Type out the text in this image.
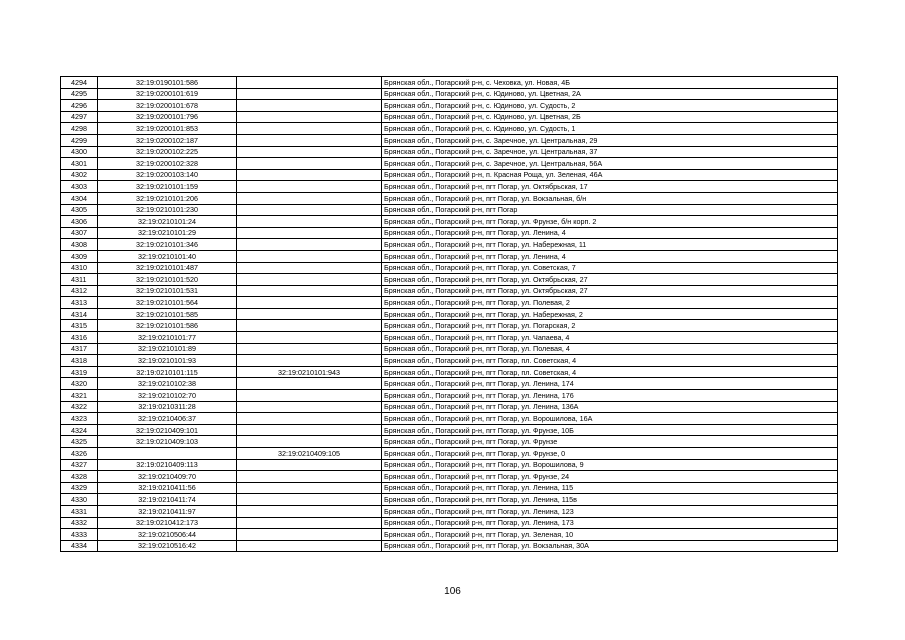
4294	32:19:0190101:586		Брянская обл., Погарский р-н, с. Чеховка, ул. Новая, 4Б
4295	32:19:0200101:619		Брянская обл., Погарский р-н, с. Юдиново, ул. Цветная, 2А
4296	32:19:0200101:678		Брянская обл., Погарский р-н, с. Юдиново, ул. Судость, 2
4297	32:19:0200101:796		Брянская обл., Погарский р-н, с. Юдиново, ул. Цветная, 2Б
4298	32:19:0200101:853		Брянская обл., Погарский р-н, с. Юдиново, ул. Судость, 1
4299	32:19:0200102:187		Брянская обл., Погарский р-н, с. Заречное, ул. Центральная, 29
4300	32:19:0200102:225		Брянская обл., Погарский р-н, с. Заречное, ул. Центральная, 37
4301	32:19:0200102:328		Брянская обл., Погарский р-н, с. Заречное, ул. Центральная, 56А
4302	32:19:0200103:140		Брянская обл., Погарский р-н, п. Красная Роща, ул. Зеленая, 46А
4303	32:19:0210101:159		Брянская обл., Погарский р-н, пгт Погар, ул. Октябрьская, 17
4304	32:19:0210101:206		Брянская обл., Погарский р-н, пгт Погар, ул. Вокзальная, б/н
4305	32:19:0210101:230		Брянская обл., Погарский р-н, пгт Погар
4306	32:19:0210101:24		Брянская обл., Погарский р-н, пгт Погар, ул. Фрунзе, б/н корп. 2
4307	32:19:0210101:29		Брянская обл., Погарский р-н, пгт Погар, ул. Ленина, 4
4308	32:19:0210101:346		Брянская обл., Погарский р-н, пгт Погар, ул. Набережная, 11
4309	32:19:0210101:40		Брянская обл., Погарский р-н, пгт Погар, ул. Ленина, 4
4310	32:19:0210101:487		Брянская обл., Погарский р-н, пгт Погар, ул. Советская, 7
4311	32:19:0210101:520		Брянская обл., Погарский р-н, пгт Погар, ул. Октябрьская, 27
4312	32:19:0210101:531		Брянская обл., Погарский р-н, пгт Погар, ул. Октябрьская, 27
4313	32:19:0210101:564		Брянская обл., Погарский р-н, пгт Погар, ул. Полевая, 2
4314	32:19:0210101:585		Брянская обл., Погарский р-н, пгт Погар, ул. Набережная, 2
4315	32:19:0210101:586		Брянская обл., Погарский р-н, пгт Погар, ул. Погарская, 2
4316	32:19:0210101:77		Брянская обл., Погарский р-н, пгт Погар, ул. Чапаева, 4
4317	32:19:0210101:89		Брянская обл., Погарский р-н, пгт Погар, ул. Полевая, 4
4318	32:19:0210101:93		Брянская обл., Погарский р-н, пгт Погар, пл. Советская, 4
4319	32:19:0210101:115	32:19:0210101:943	Брянская обл., Погарский р-н, пгт Погар, пл. Советская, 4
4320	32:19:0210102:38		Брянская обл., Погарский р-н, пгт Погар, ул. Ленина, 174
4321	32:19:0210102:70		Брянская обл., Погарский р-н, пгт Погар, ул. Ленина, 176
4322	32:19:0210311:28		Брянская обл., Погарский р-н, пгт Погар, ул. Ленина, 136А
4323	32:19:0210406:37		Брянская обл., Погарский р-н, пгт Погар, ул. Ворошилова, 16А
4324	32:19:0210409:101		Брянская обл., Погарский р-н, пгт Погар, ул. Фрунзе, 10Б
4325	32:19:0210409:103		Брянская обл., Погарский р-н, пгт Погар, ул. Фрунзе
4326		32:19:0210409:105	Брянская обл., Погарский р-н, пгт Погар, ул. Фрунзе, 0
4327	32:19:0210409:113		Брянская обл., Погарский р-н, пгт Погар, ул. Ворошилова, 9
4328	32:19:0210409:70		Брянская обл., Погарский р-н, пгт Погар, ул. Фрунзе, 24
4329	32:19:0210411:56		Брянская обл., Погарский р-н, пгт Погар, ул. Ленина, 115
4330	32:19:0210411:74		Брянская обл., Погарский р-н, пгт Погар, ул. Ленина, 115в
4331	32:19:0210411:97		Брянская обл., Погарский р-н, пгт Погар, ул. Ленина, 123
4332	32:19:0210412:173		Брянская обл., Погарский р-н, пгт Погар, ул. Ленина, 173
4333	32:19:0210506:44		Брянская обл., Погарский р-н, пгт Погар, ул. Зеленая, 10
4334	32:19:0210516:42		Брянская обл., Погарский р-н, пгт Погар, ул. Вокзальная, 30А
106
